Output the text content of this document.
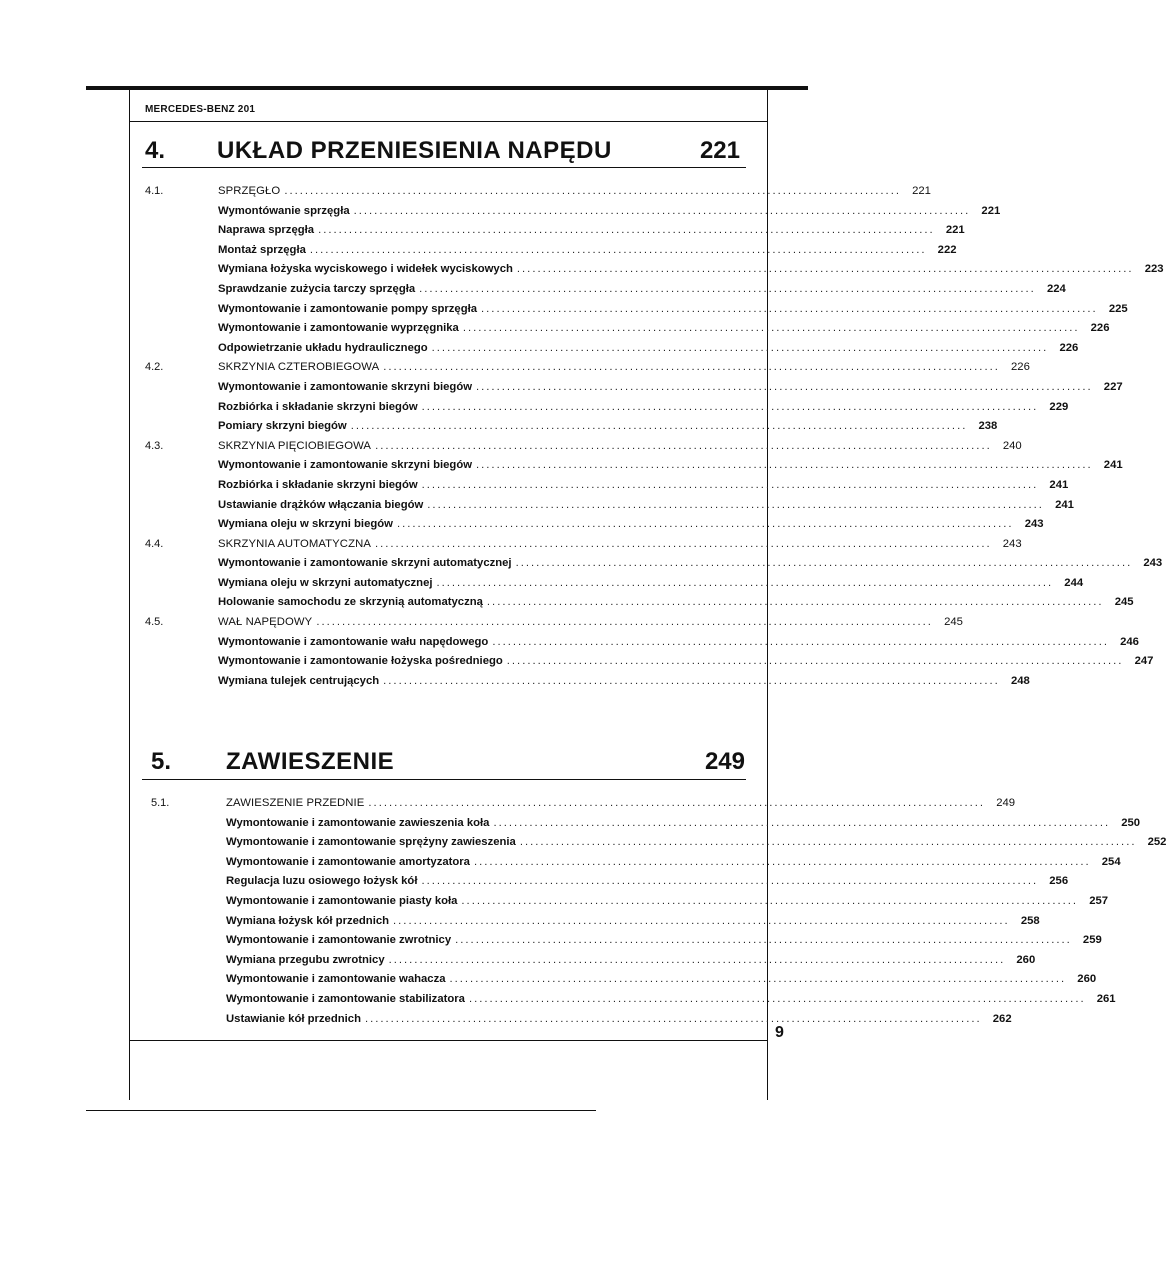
MERCEDES-BENZ 201
4. UKŁAD PRZENIESIENIA NAPĘDU	221
4.1.	SPRZĘGŁO ........................................................................................................................ 221
Wymontówanie sprzęgła ........................................................................................................................ 221
Naprawa sprzęgła ........................................................................................................................ 221
Montaż sprzęgła ........................................................................................................................ 222
Wymiana łożyska wyciskowego i widełek wyciskowych ........................................................................................................................ 223
Sprawdzanie zużycia tarczy sprzęgła ........................................................................................................................ 224
Wymontowanie i zamontowanie pompy sprzęgła ........................................................................................................................ 225
Wymontowanie i zamontowanie wyprzęgnika ........................................................................................................................ 226
Odpowietrzanie układu hydraulicznego ........................................................................................................................ 226
4.2.	SKRZYNIA CZTEROBIEGOWA ........................................................................................................................ 226
Wymontowanie i zamontowanie skrzyni biegów ........................................................................................................................ 227
Rozbiórka i składanie skrzyni biegów ........................................................................................................................ 229
Pomiary skrzyni biegów ........................................................................................................................ 238
4.3.	SKRZYNIA PIĘCIOBIEGOWA ........................................................................................................................ 240
Wymontowanie i zamontowanie skrzyni biegów ........................................................................................................................ 241
Rozbiórka i składanie skrzyni biegów ........................................................................................................................ 241
Ustawianie drążków włączania biegów ........................................................................................................................ 241
Wymiana oleju w skrzyni biegów ........................................................................................................................ 243
4.4.	SKRZYNIA AUTOMATYCZNA ........................................................................................................................ 243
Wymontowanie i zamontowanie skrzyni automatycznej ........................................................................................................................ 243
Wymiana oleju w skrzyni automatycznej ........................................................................................................................ 244
Holowanie samochodu ze skrzynią automatyczną ........................................................................................................................ 245
4.5.	WAŁ NAPĘDOWY ........................................................................................................................ 245
Wymontowanie i zamontowanie wału napędowego ........................................................................................................................ 246
Wymontowanie i zamontowanie łożyska pośredniego ........................................................................................................................ 247
Wymiana tulejek centrujących ........................................................................................................................ 248
5. ZAWIESZENIE	249
5.1.	ZAWIESZENIE PRZEDNIE ........................................................................................................................ 249
Wymontowanie i zamontowanie zawieszenia koła ........................................................................................................................ 250
Wymontowanie i zamontowanie sprężyny zawieszenia ........................................................................................................................ 252
Wymontowanie i zamontowanie amortyzatora ........................................................................................................................ 254
Regulacja luzu osiowego łożysk kół ........................................................................................................................ 256
Wymontowanie i zamontowanie piasty koła ........................................................................................................................ 257
Wymiana łożysk kół przednich ........................................................................................................................ 258
Wymontowanie i zamontowanie zwrotnicy ........................................................................................................................ 259
Wymiana przegubu zwrotnicy ........................................................................................................................ 260
Wymontowanie i zamontowanie wahacza ........................................................................................................................ 260
Wymontowanie i zamontowanie stabilizatora ........................................................................................................................ 261
Ustawianie kół przednich ........................................................................................................................ 262
9
